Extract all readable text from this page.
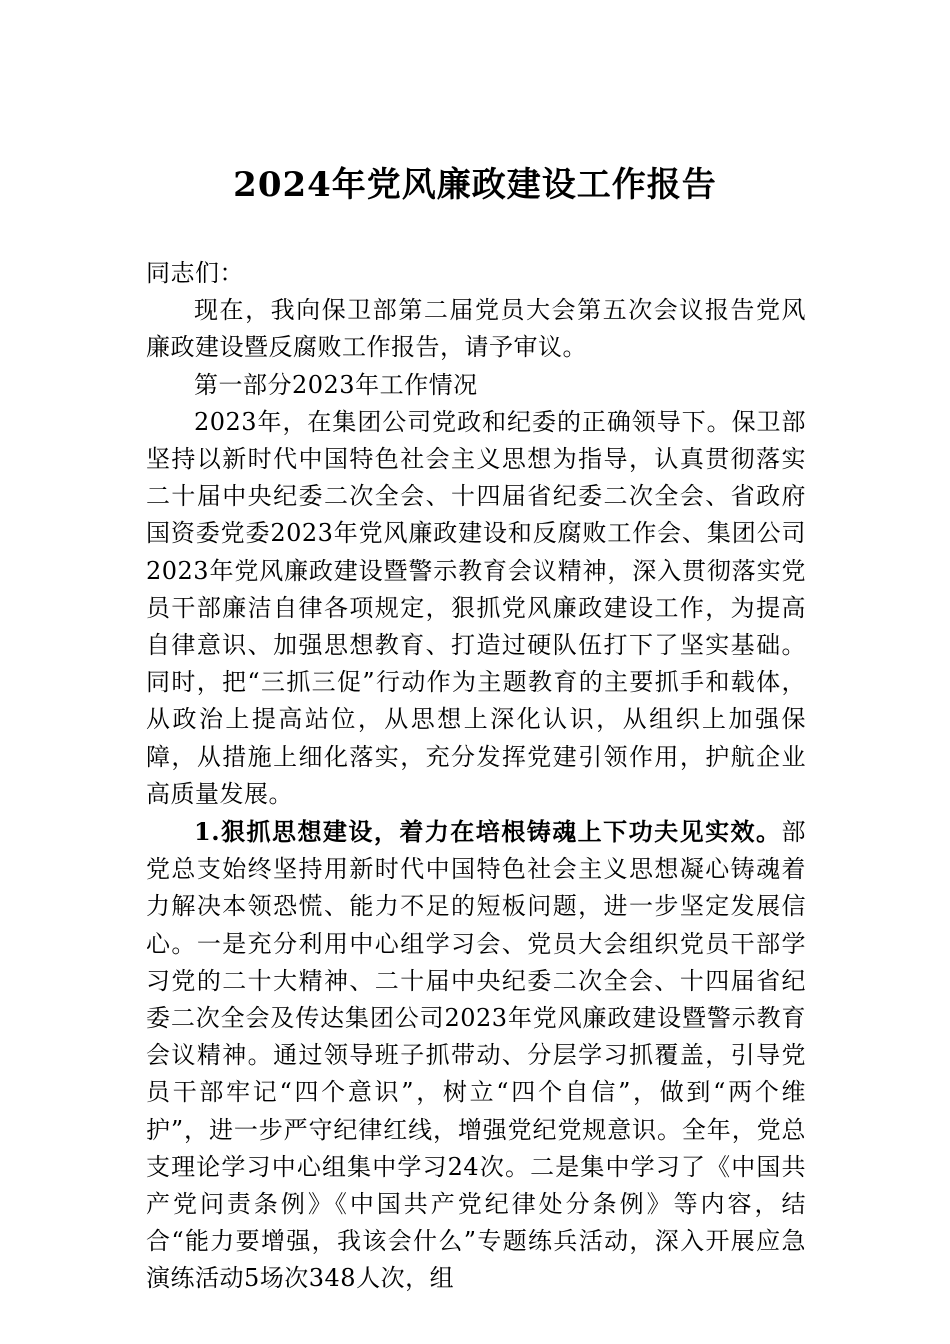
2024年党风廉政建设工作报告

同志们：

现在，我向保卫部第二届党员大会第五次会议报告党风廉政建设暨反腐败工作报告，请予审议。

第一部分2023年工作情况

2023年，在集团公司党政和纪委的正确领导下。保卫部坚持以新时代中国特色社会主义思想为指导，认真贯彻落实二十届中央纪委二次全会、十四届省纪委二次全会、省政府国资委党委2023年党风廉政建设和反腐败工作会、集团公司2023年党风廉政建设暨警示教育会议精神，深入贯彻落实党员干部廉洁自律各项规定，狠抓党风廉政建设工作，为提高自律意识、加强思想教育、打造过硬队伍打下了坚实基础。同时，把“三抓三促”行动作为主题教育的主要抓手和载体，从政治上提高站位，从思想上深化认识，从组织上加强保障，从措施上细化落实，充分发挥党建引领作用，护航企业高质量发展。

1.狠抓思想建设，着力在培根铸魂上下功夫见实效。部党总支始终坚持用新时代中国特色社会主义思想凝心铸魂着力解决本领恐慌、能力不足的短板问题，进一步坚定发展信心。一是充分利用中心组学习会、党员大会组织党员干部学习党的二十大精神、二十届中央纪委二次全会、十四届省纪委二次全会及传达集团公司2023年党风廉政建设暨警示教育会议精神。通过领导班子抓带动、分层学习抓覆盖，引导党员干部牢记“四个意识”，树立“四个自信”，做到“两个维护”，进一步严守纪律红线，增强党纪党规意识。全年，党总支理论学习中心组集中学习24次。二是集中学习了《中国共产党问责条例》《中国共产党纪律处分条例》等内容，结合“能力要增强，我该会什么”专题练兵活动，深入开展应急演练活动5场次348人次，组
